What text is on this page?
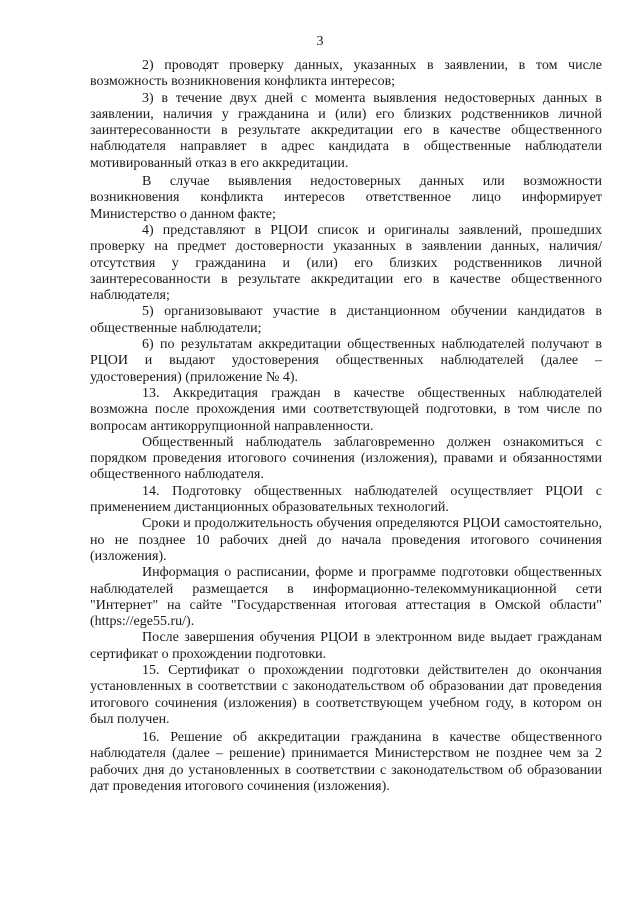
3

2) проводят проверку данных, указанных в заявлении, в том числе возможность возникновения конфликта интересов;

3) в течение двух дней с момента выявления недостоверных данных в заявлении, наличия у гражданина и (или) его близких родственников личной заинтересованности в результате аккредитации его в качестве общественного наблюдателя направляет в адрес кандидата в общественные наблюдатели мотивированный отказ в его аккредитации.

В случае выявления недостоверных данных или возможности возникновения конфликта интересов ответственное лицо информирует Министерство о данном факте;

4) представляют в РЦОИ список и оригиналы заявлений, прошедших проверку на предмет достоверности указанных в заявлении данных, наличия/отсутствия у гражданина и (или) его близких родственников личной заинтересованности в результате аккредитации его в качестве общественного наблюдателя;

5) организовывают участие в дистанционном обучении кандидатов в общественные наблюдатели;

6) по результатам аккредитации общественных наблюдателей получают в РЦОИ и выдают удостоверения общественных наблюдателей (далее – удостоверения) (приложение № 4).

13. Аккредитация граждан в качестве общественных наблюдателей возможна после прохождения ими соответствующей подготовки, в том числе по вопросам антикоррупционной направленности.

Общественный наблюдатель заблаговременно должен ознакомиться с порядком проведения итогового сочинения (изложения), правами и обязанностями общественного наблюдателя.

14. Подготовку общественных наблюдателей осуществляет РЦОИ с применением дистанционных образовательных технологий.

Сроки и продолжительность обучения определяются РЦОИ самостоятельно, но не позднее 10 рабочих дней до начала проведения итогового сочинения (изложения).

Информация о расписании, форме и программе подготовки общественных наблюдателей размещается в информационно-телекоммуникационной сети "Интернет" на сайте "Государственная итоговая аттестация в Омской области" (https://ege55.ru/).

После завершения обучения РЦОИ в электронном виде выдает гражданам сертификат о прохождении подготовки.

15. Сертификат о прохождении подготовки действителен до окончания установленных в соответствии с законодательством об образовании дат проведения итогового сочинения (изложения) в соответствующем учебном году, в котором он был получен.

16. Решение об аккредитации гражданина в качестве общественного наблюдателя (далее – решение) принимается Министерством не позднее чем за 2 рабочих дня до установленных в соответствии с законодательством об образовании дат проведения итогового сочинения (изложения).
